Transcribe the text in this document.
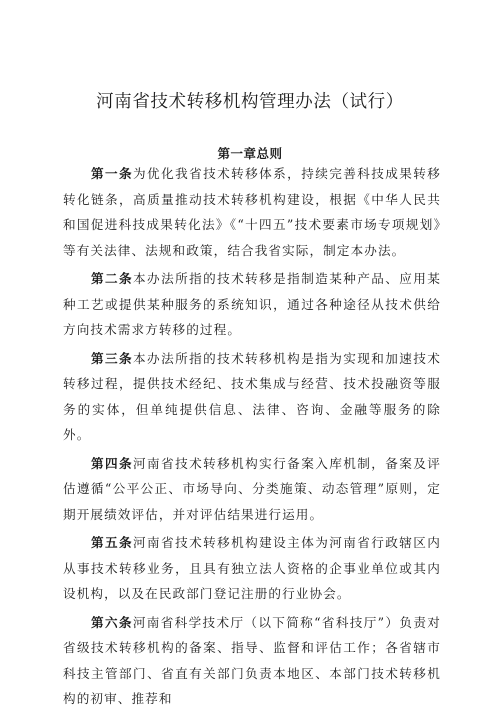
河南省技术转移机构管理办法（试行）
第一章总则

第一条为优化我省技术转移体系，持续完善科技成果转移转化链条，高质量推动技术转移机构建设，根据《中华人民共和国促进科技成果转化法》《“十四五”技术要素市场专项规划》等有关法律、法规和政策，结合我省实际，制定本办法。

第二条本办法所指的技术转移是指制造某种产品、应用某种工艺或提供某种服务的系统知识，通过各种途径从技术供给方向技术需求方转移的过程。

第三条本办法所指的技术转移机构是指为实现和加速技术转移过程，提供技术经纪、技术集成与经营、技术投融资等服务的实体，但单纯提供信息、法律、咨询、金融等服务的除外。

第四条河南省技术转移机构实行备案入库机制，备案及评估遵循“公平公正、市场导向、分类施策、动态管理”原则，定期开展绩效评估，并对评估结果进行运用。

第五条河南省技术转移机构建设主体为河南省行政辖区内从事技术转移业务，且具有独立法人资格的企事业单位或其内设机构，以及在民政部门登记注册的行业协会。

第六条河南省科学技术厅（以下简称“省科技厅”）负责对省级技术转移机构的备案、指导、监督和评估工作；各省辖市科技主管部门、省直有关部门负责本地区、本部门技术转移机构的初审、推荐和
